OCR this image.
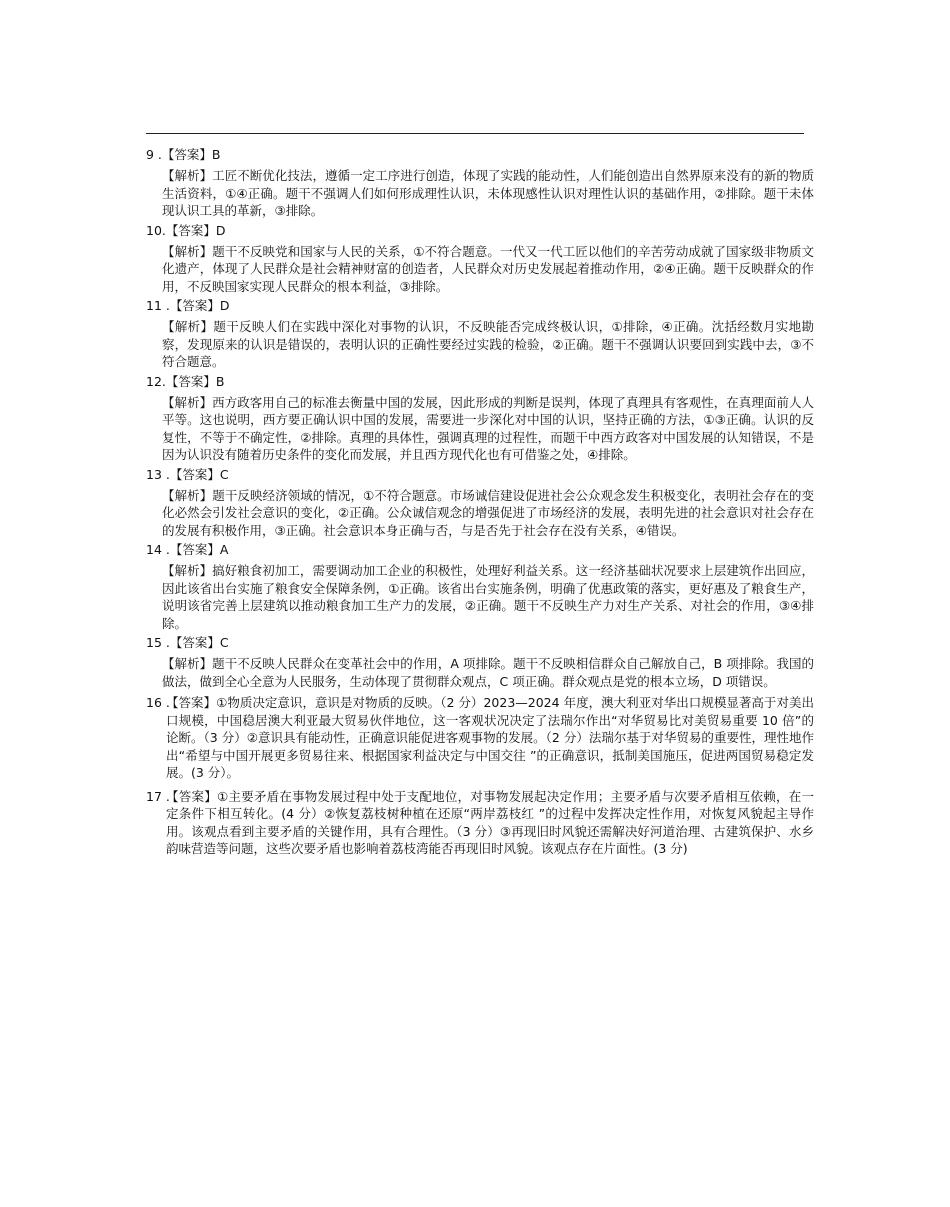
9 .【答案】B
【解析】工匠不断优化技法，遵循一定工序进行创造，体现了实践的能动性，人们能创造出自然界原来没有的新的物质生活资料，①④正确。题干不强调人们如何形成理性认识，未体现感性认识对理性认识的基础作用，②排除。题干未体现认识工具的革新，③排除。
10.【答案】D
【解析】题干不反映党和国家与人民的关系，①不符合题意。一代又一代工匠以他们的辛苦劳动成就了国家级非物质文化遗产，体现了人民群众是社会精神财富的创造者，人民群众对历史发展起着推动作用，②④正确。题干反映群众的作用，不反映国家实现人民群众的根本利益，③排除。
11 .【答案】D
【解析】题干反映人们在实践中深化对事物的认识，不反映能否完成终极认识，①排除，④正确。沈括经数月实地勘察，发现原来的认识是错误的，表明认识的正确性要经过实践的检验，②正确。题干不强调认识要回到实践中去，③不符合题意。
12.【答案】B
【解析】西方政客用自己的标准去衡量中国的发展，因此形成的判断是误判，体现了真理具有客观性，在真理面前人人平等。这也说明，西方要正确认识中国的发展，需要进一步深化对中国的认识，坚持正确的方法，①③正确。认识的反复性，不等于不确定性，②排除。真理的具体性，强调真理的过程性，而题干中西方政客对中国发展的认知错误，不是因为认识没有随着历史条件的变化而发展，并且西方现代化也有可借鉴之处，④排除。
13 .【答案】C
【解析】题干反映经济领域的情况，①不符合题意。市场诚信建设促进社会公众观念发生积极变化，表明社会存在的变化必然会引发社会意识的变化，②正确。公众诚信观念的增强促进了市场经济的发展，表明先进的社会意识对社会存在的发展有积极作用，③正确。社会意识本身正确与否，与是否先于社会存在没有关系，④错误。
14 .【答案】A
【解析】搞好粮食初加工，需要调动加工企业的积极性，处理好利益关系。这一经济基础状况要求上层建筑作出回应，因此该省出台实施了粮食安全保障条例，①正确。该省出台实施条例，明确了优惠政策的落实，更好惠及了粮食生产，说明该省完善上层建筑以推动粮食加工生产力的发展，②正确。题干不反映生产力对生产关系、对社会的作用，③④排除。
15 .【答案】C
【解析】题干不反映人民群众在变革社会中的作用，A 项排除。题干不反映相信群众自己解放自己，B 项排除。我国的做法，做到全心全意为人民服务，生动体现了贯彻群众观点，C 项正确。群众观点是党的根本立场，D 项错误。
16 .
【答案】①物质决定意识，意识是对物质的反映。（2 分）2023—2024 年度，澳大利亚对华出口规模显著高于对美出口规模，中国稳居澳大利亚最大贸易伙伴地位，这一客观状况决定了法瑞尔作出“对华贸易比对美贸易重要 10 倍”的论断。（3 分）②意识具有能动性，正确意识能促进客观事物的发展。（2 分）法瑞尔基于对华贸易的重要性，理性地作出“希望与中国开展更多贸易往来、根据国家利益决定与中国交往 ”的正确意识，抵制美国施压，促进两国贸易稳定发展。(3 分）。
17 .
【答案】①主要矛盾在事物发展过程中处于支配地位，对事物发展起决定作用；主要矛盾与次要矛盾相互依赖，在一定条件下相互转化。(4 分）②恢复荔枝树种植在还原“两岸荔枝红 ”的过程中发挥决定性作用，对恢复风貌起主导作用。该观点看到主要矛盾的关键作用，具有合理性。（3 分）③再现旧时风貌还需解决好河道治理、古建筑保护、水乡韵味营造等问题，这些次要矛盾也影响着荔枝湾能否再现旧时风貌。该观点存在片面性。(3 分)
